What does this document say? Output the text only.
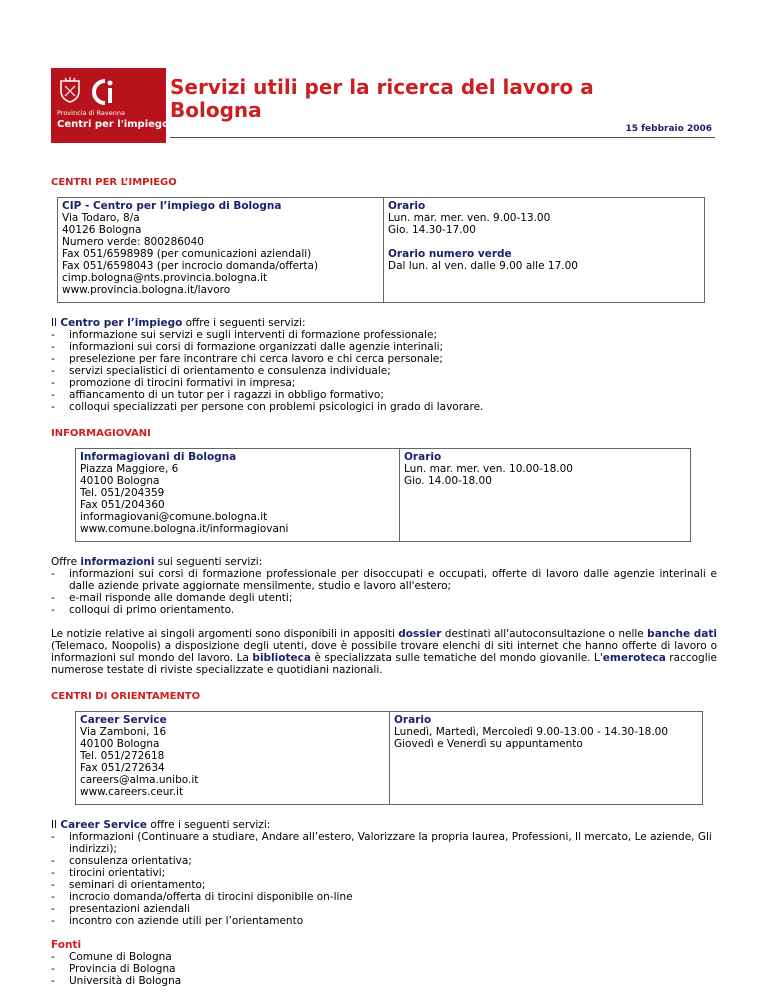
Provincia di Ravenna
Centri per l'impiego
Servizi utili per la ricerca del lavoro a Bologna
15 febbraio 2006
CENTRI PER L’IMPIEGO
CIP - Centro per l’impiego di Bologna
Via Todaro, 8/a
40126 Bologna
Numero verde: 800286040
Fax 051/6598989 (per comunicazioni aziendali)
Fax 051/6598043 (per incrocio domanda/offerta)
cimp.bologna@nts.provincia.bologna.it
www.provincia.bologna.it/lavoro
Orario
Lun. mar. mer. ven. 9.00-13.00
Gio. 14.30-17.00
Orario numero verde
Dal lun. al ven. dalle 9.00 alle 17.00

Il Centro per l’impiego offre i seguenti servizi:

- informazione sui servizi e sugli interventi di formazione professionale;
- informazioni sui corsi di formazione organizzati dalle agenzie interinali;
- preselezione per fare incontrare chi cerca lavoro e chi cerca personale;
- servizi specialistici di orientamento e consulenza individuale;
- promozione di tirocini formativi in impresa;
- affiancamento di un tutor per i ragazzi in obbligo formativo;
- colloqui specializzati per persone con problemi psicologici in grado di lavorare.
INFORMAGIOVANI
Informagiovani di Bologna
Piazza Maggiore, 6
40100 Bologna
Tel. 051/204359
Fax 051/204360
informagiovani@comune.bologna.it
www.comune.bologna.it/informagiovani
Orario
Lun. mar. mer. ven. 10.00-18.00
Gio. 14.00-18.00

Offre informazioni sui seguenti servizi:

- informazioni sui corsi di formazione professionale per disoccupati e occupati, offerte di lavoro dalle agenzie interinali e dalle aziende private aggiornate mensilmente, studio e lavoro all'estero;
- e-mail risponde alle domande degli utenti;
- colloqui di primo orientamento.

Le notizie relative ai singoli argomenti sono disponibili in appositi dossier destinati all'autoconsultazione o nelle banche dati (Telemaco, Noopolis) a disposizione degli utenti, dove è possibile trovare elenchi di siti internet che hanno offerte di lavoro o informazioni sul mondo del lavoro. La biblioteca è specializzata sulle tematiche del mondo giovanile. L'emeroteca raccoglie numerose testate di riviste specializzate e quotidiani nazionali.

CENTRI DI ORIENTAMENTO
Career Service
Via Zamboni, 16
40100 Bologna
Tel. 051/272618
Fax 051/272634
careers@alma.unibo.it
www.careers.ceur.it
Orario
Lunedì, Martedì, Mercoledì 9.00-13.00 - 14.30-18.00
Giovedì e Venerdì su appuntamento

Il Career Service offre i seguenti servizi:

- informazioni (Continuare a studiare, Andare all’estero, Valorizzare la propria laurea, Professioni, Il mercato, Le aziende, Gli indirizzi);
- consulenza orientativa;
- tirocini orientativi;
- seminari di orientamento;
- incrocio domanda/offerta di tirocini disponibile on-line
- presentazioni aziendali
- incontro con aziende utili per l’orientamento

Fonti

- Comune di Bologna
- Provincia di Bologna
- Università di Bologna
